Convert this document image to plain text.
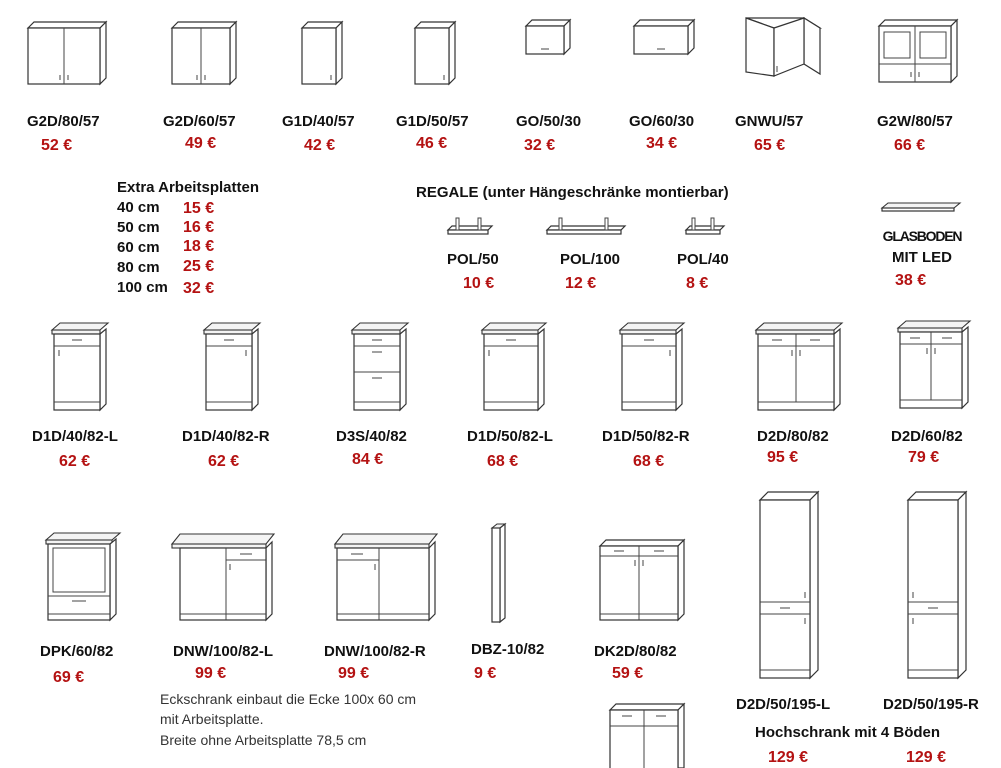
G2D/80/57
52 €
G2D/60/57
49 €
G1D/40/57
42 €
G1D/50/57
46 €
GO/50/30
32 €
GO/60/30
34 €
GNWU/57
65 €
G2W/80/57
66 €
Extra Arbeitsplatten
40 cm 15 €
50 cm 16 €
60 cm 18 €
80 cm 25 €
100 cm 32 €
REGALE (unter Hängeschränke montierbar)
POL/50
10 €
POL/100
12 €
POL/40
8 €
GLASBODEN
MIT LED
38 €
D1D/40/82-L
62 €
D1D/40/82-R
62 €
D3S/40/82
84 €
D1D/50/82-L
68 €
D1D/50/82-R
68 €
D2D/80/82
95 €
D2D/60/82
79 €
DPK/60/82
69 €
DNW/100/82-L
99 €
DNW/100/82-R
99 €
DBZ-10/82
9 €
DK2D/80/82
59 €
Eckschrank einbaut die Ecke 100x 60 cm
mit Arbeitsplatte.
Breite ohne Arbeitsplatte 78,5 cm
D2D/50/195-L
129 €
D2D/50/195-R
129 €
Hochschrank mit 4 Böden
